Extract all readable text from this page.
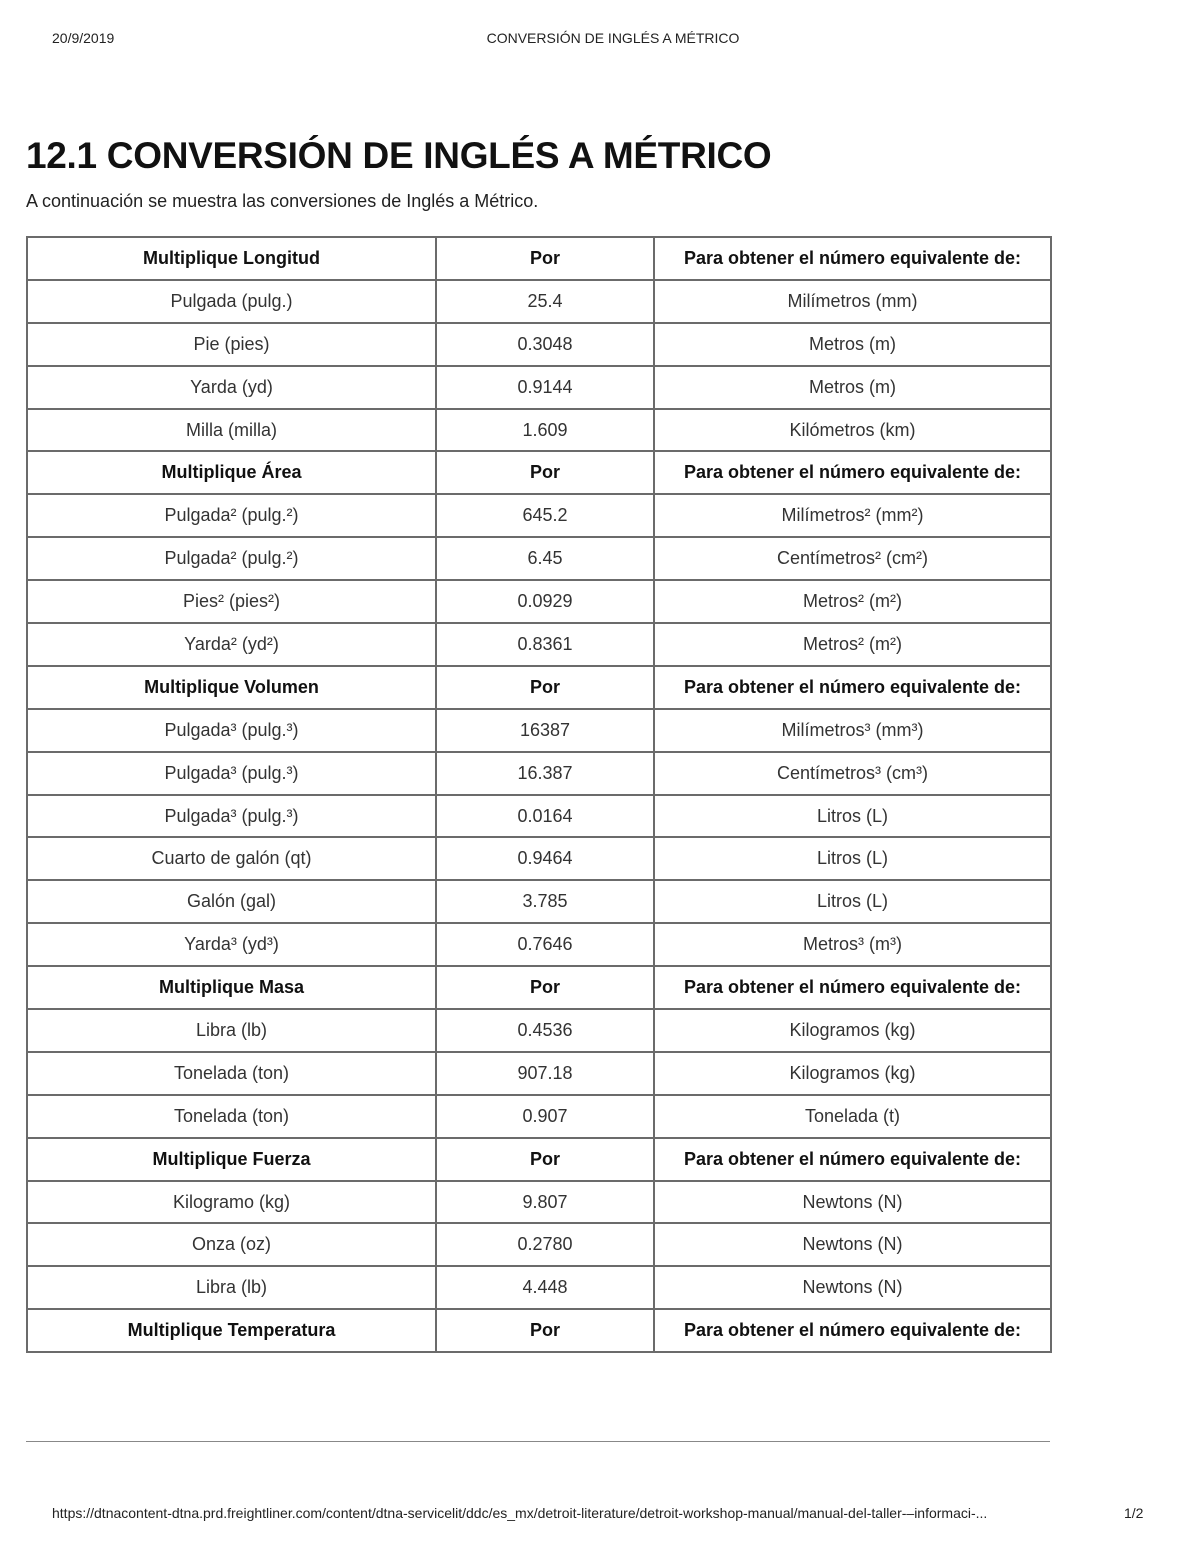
20/9/2019	CONVERSIÓN DE INGLÉS A MÉTRICO
12.1 CONVERSIÓN DE INGLÉS A MÉTRICO

A continuación se muestra las conversiones de Inglés a Métrico.

Multiplique Longitud	Por	Para obtener el número equivalente de:
Pulgada (pulg.)	25.4	Milímetros (mm)
Pie (pies)	0.3048	Metros (m)
Yarda (yd)	0.9144	Metros (m)
Milla (milla)	1.609	Kilómetros (km)
Multiplique Área	Por	Para obtener el número equivalente de:
Pulgada² (pulg.²)	645.2	Milímetros² (mm²)
Pulgada² (pulg.²)	6.45	Centímetros² (cm²)
Pies² (pies²)	0.0929	Metros² (m²)
Yarda² (yd²)	0.8361	Metros² (m²)
Multiplique Volumen	Por	Para obtener el número equivalente de:
Pulgada³ (pulg.³)	16387	Milímetros³ (mm³)
Pulgada³ (pulg.³)	16.387	Centímetros³ (cm³)
Pulgada³ (pulg.³)	0.0164	Litros (L)
Cuarto de galón (qt)	0.9464	Litros (L)
Galón (gal)	3.785	Litros (L)
Yarda³ (yd³)	0.7646	Metros³ (m³)
Multiplique Masa	Por	Para obtener el número equivalente de:
Libra (lb)	0.4536	Kilogramos (kg)
Tonelada (ton)	907.18	Kilogramos (kg)
Tonelada (ton)	0.907	Tonelada (t)
Multiplique Fuerza	Por	Para obtener el número equivalente de:
Kilogramo (kg)	9.807	Newtons (N)
Onza (oz)	0.2780	Newtons (N)
Libra (lb)	4.448	Newtons (N)
Multiplique Temperatura	Por	Para obtener el número equivalente de:
https://dtnacontent-dtna.prd.freightliner.com/content/dtna-servicelit/ddc/es_mx/detroit-literature/detroit-workshop-manual/manual-del-taller-–informaci-...	1/2
